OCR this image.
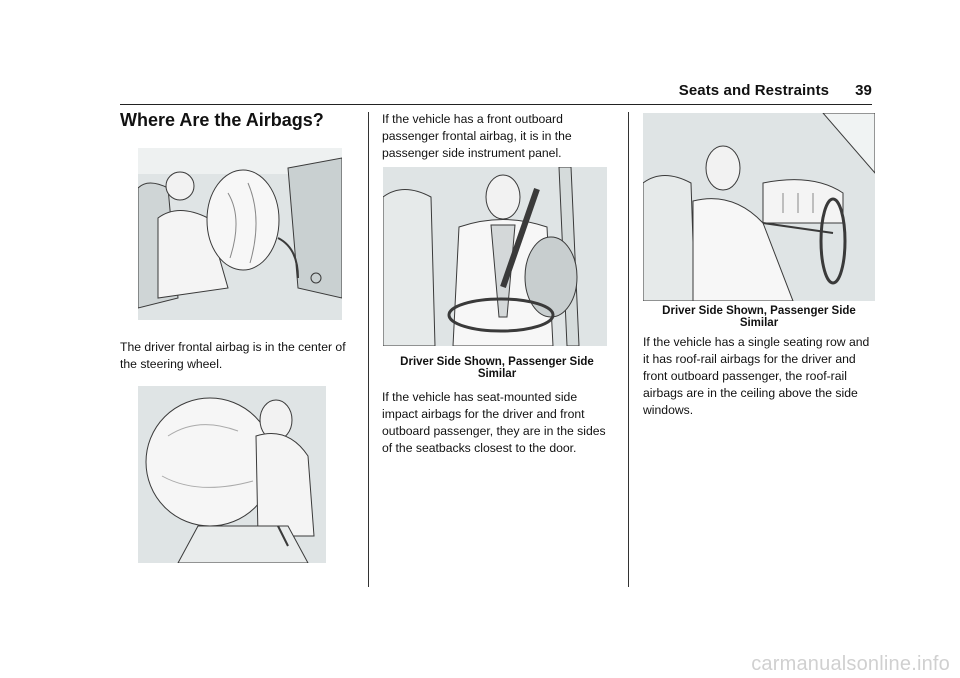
Seats and Restraints 39
Where Are the Airbags?

The driver frontal airbag is in the center of the steering wheel.

If the vehicle has a front outboard passenger frontal airbag, it is in the passenger side instrument panel.

Driver Side Shown, Passenger Side Similar

If the vehicle has seat-mounted side impact airbags for the driver and front outboard passenger, they are in the sides of the seatbacks closest to the door.

Driver Side Shown, Passenger Side Similar

If the vehicle has a single seating row and it has roof-rail airbags for the driver and front outboard passenger, the roof-rail airbags are in the ceiling above the side windows.

carmanualsonline.info
